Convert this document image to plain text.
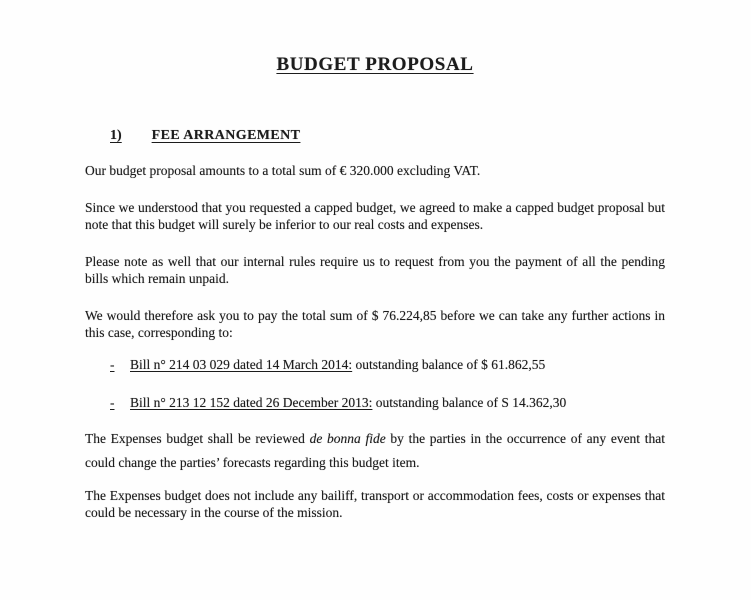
BUDGET PROPOSAL
1) FEE ARRANGEMENT

Our budget proposal amounts to a total sum of € 320.000 excluding VAT.

Since we understood that you requested a capped budget, we agreed to make a capped budget proposal but note that this budget will surely be inferior to our real costs and expenses.

Please note as well that our internal rules require us to request from you the payment of all the pending bills which remain unpaid.

We would therefore ask you to pay the total sum of $ 76.224,85 before we can take any further actions in this case, corresponding to:

- Bill n° 214 03 029 dated 14 March 2014: outstanding balance of $ 61.862,55
- Bill n° 213 12 152 dated 26 December 2013: outstanding balance of S 14.362,30

The Expenses budget shall be reviewed de bonna fide by the parties in the occurrence of any event that could change the parties’ forecasts regarding this budget item.

The Expenses budget does not include any bailiff, transport or accommodation fees, costs or expenses that could be necessary in the course of the mission.
